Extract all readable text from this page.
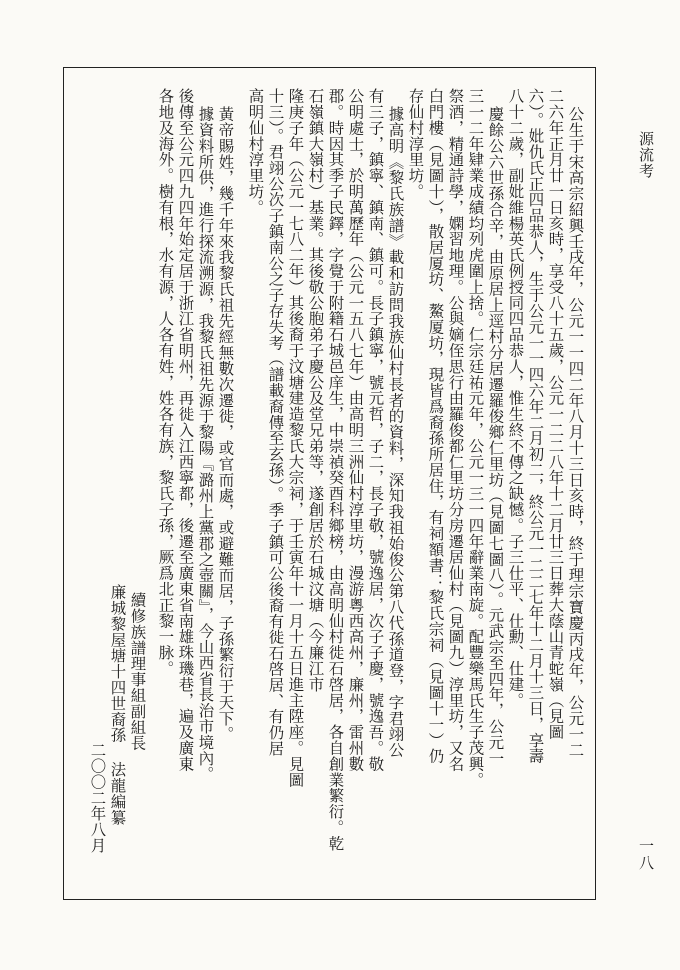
源流考
一八
公生于宋高宗紹興壬戌年，公元一一四二年八月十三日亥時，終于理宗寶慶丙戌年，公元一二
二六年正月廿一日亥時，享受八十五歲，公元一二二八年十二月廿三日葬大蔭山青蛇嶺（見圖
六）。妣仇氏正四品恭人，生于公元一一四六年二月初二，終公元一二二七年十二月十三日，享壽
八十二歲，副妣維楊英氏例授同四品恭人，惟生終不傳之缺憾。子三仕平、仕勳、仕建。
慶餘公六世孫合辛，由原居上逕村分居遷羅俊鄉仁里坊（見圖七圖八）。元武宗至四年，公元一
三一二年肄業成績均列虎圍上捨。仁宗廷祐元年，公元一三一四年辭業南旋。配豐樂馬氏生子茂興。
祭酒，精通詩學，嫻習地理。公與嫡侄思行由羅俊都仁里坊分房遷居仙村（見圖九）淳里坊，又名
白門樓（見圖十），散居厦坊、鰲厦坊，現皆爲裔孫所居住，有祠額書：黎氏宗祠（見圖十一）仍
存仙村淳里坊。
據高明《黎氏族譜》載和訪問我族仙村長者的資料，深知我祖始俊公第八代孫道登，字君翊公
有三子，鎮寧、鎮南、鎮可。長子鎮寧，號元哲，子二，長子敬，號逸居，次子子慶，號逸吾。敬
公明處士，於明萬歷年（公元一五八七年）由高明三洲仙村淳里坊，漫游粵西高州，廉州，雷州數
郡。時因其季子民鐸，字覺于附籍石城邑庠生，中崇禎癸酉科鄉榜，由高明仙村徙石啓居，各自創業繁衍。乾
石嶺鎮大嶺村）基業。其後敬公胞弟子慶公及堂兄弟等，遂創居於石城汶塘（今廉江市
隆庚子年（公元一七八二年）其後裔于汶塘建造黎氏大宗祠，于壬寅年十一月十五日進主陞座。見圖
十三）。君翊公次子鎮南公之子存失考（譜載裔傳至玄孫）。季子鎮可公後裔有徙石啓居、有仍居
高明仙村淳里坊。
黃帝賜姓，幾千年來我黎氏祖先經無數次遷徙，或官而處，或避難而居，子孫繁衍于天下。
據資料所供，進行探流溯源，我黎氏祖先源于黎陽『潞州上黨郡之壺關』，今山西省長治市境內。
後傳至公元四九四年始定居于浙江省明州，再徙入江西寧都，後遷至廣東省南雄珠璣巷，遍及廣東
各地及海外。樹有根，水有源，人各有姓，姓各有族，黎氏子孫，厥爲北正黎一脉。
續修族譜理事組副組長
廉城黎屋塘十四世裔孫 法龍編纂
二〇〇二年八月
